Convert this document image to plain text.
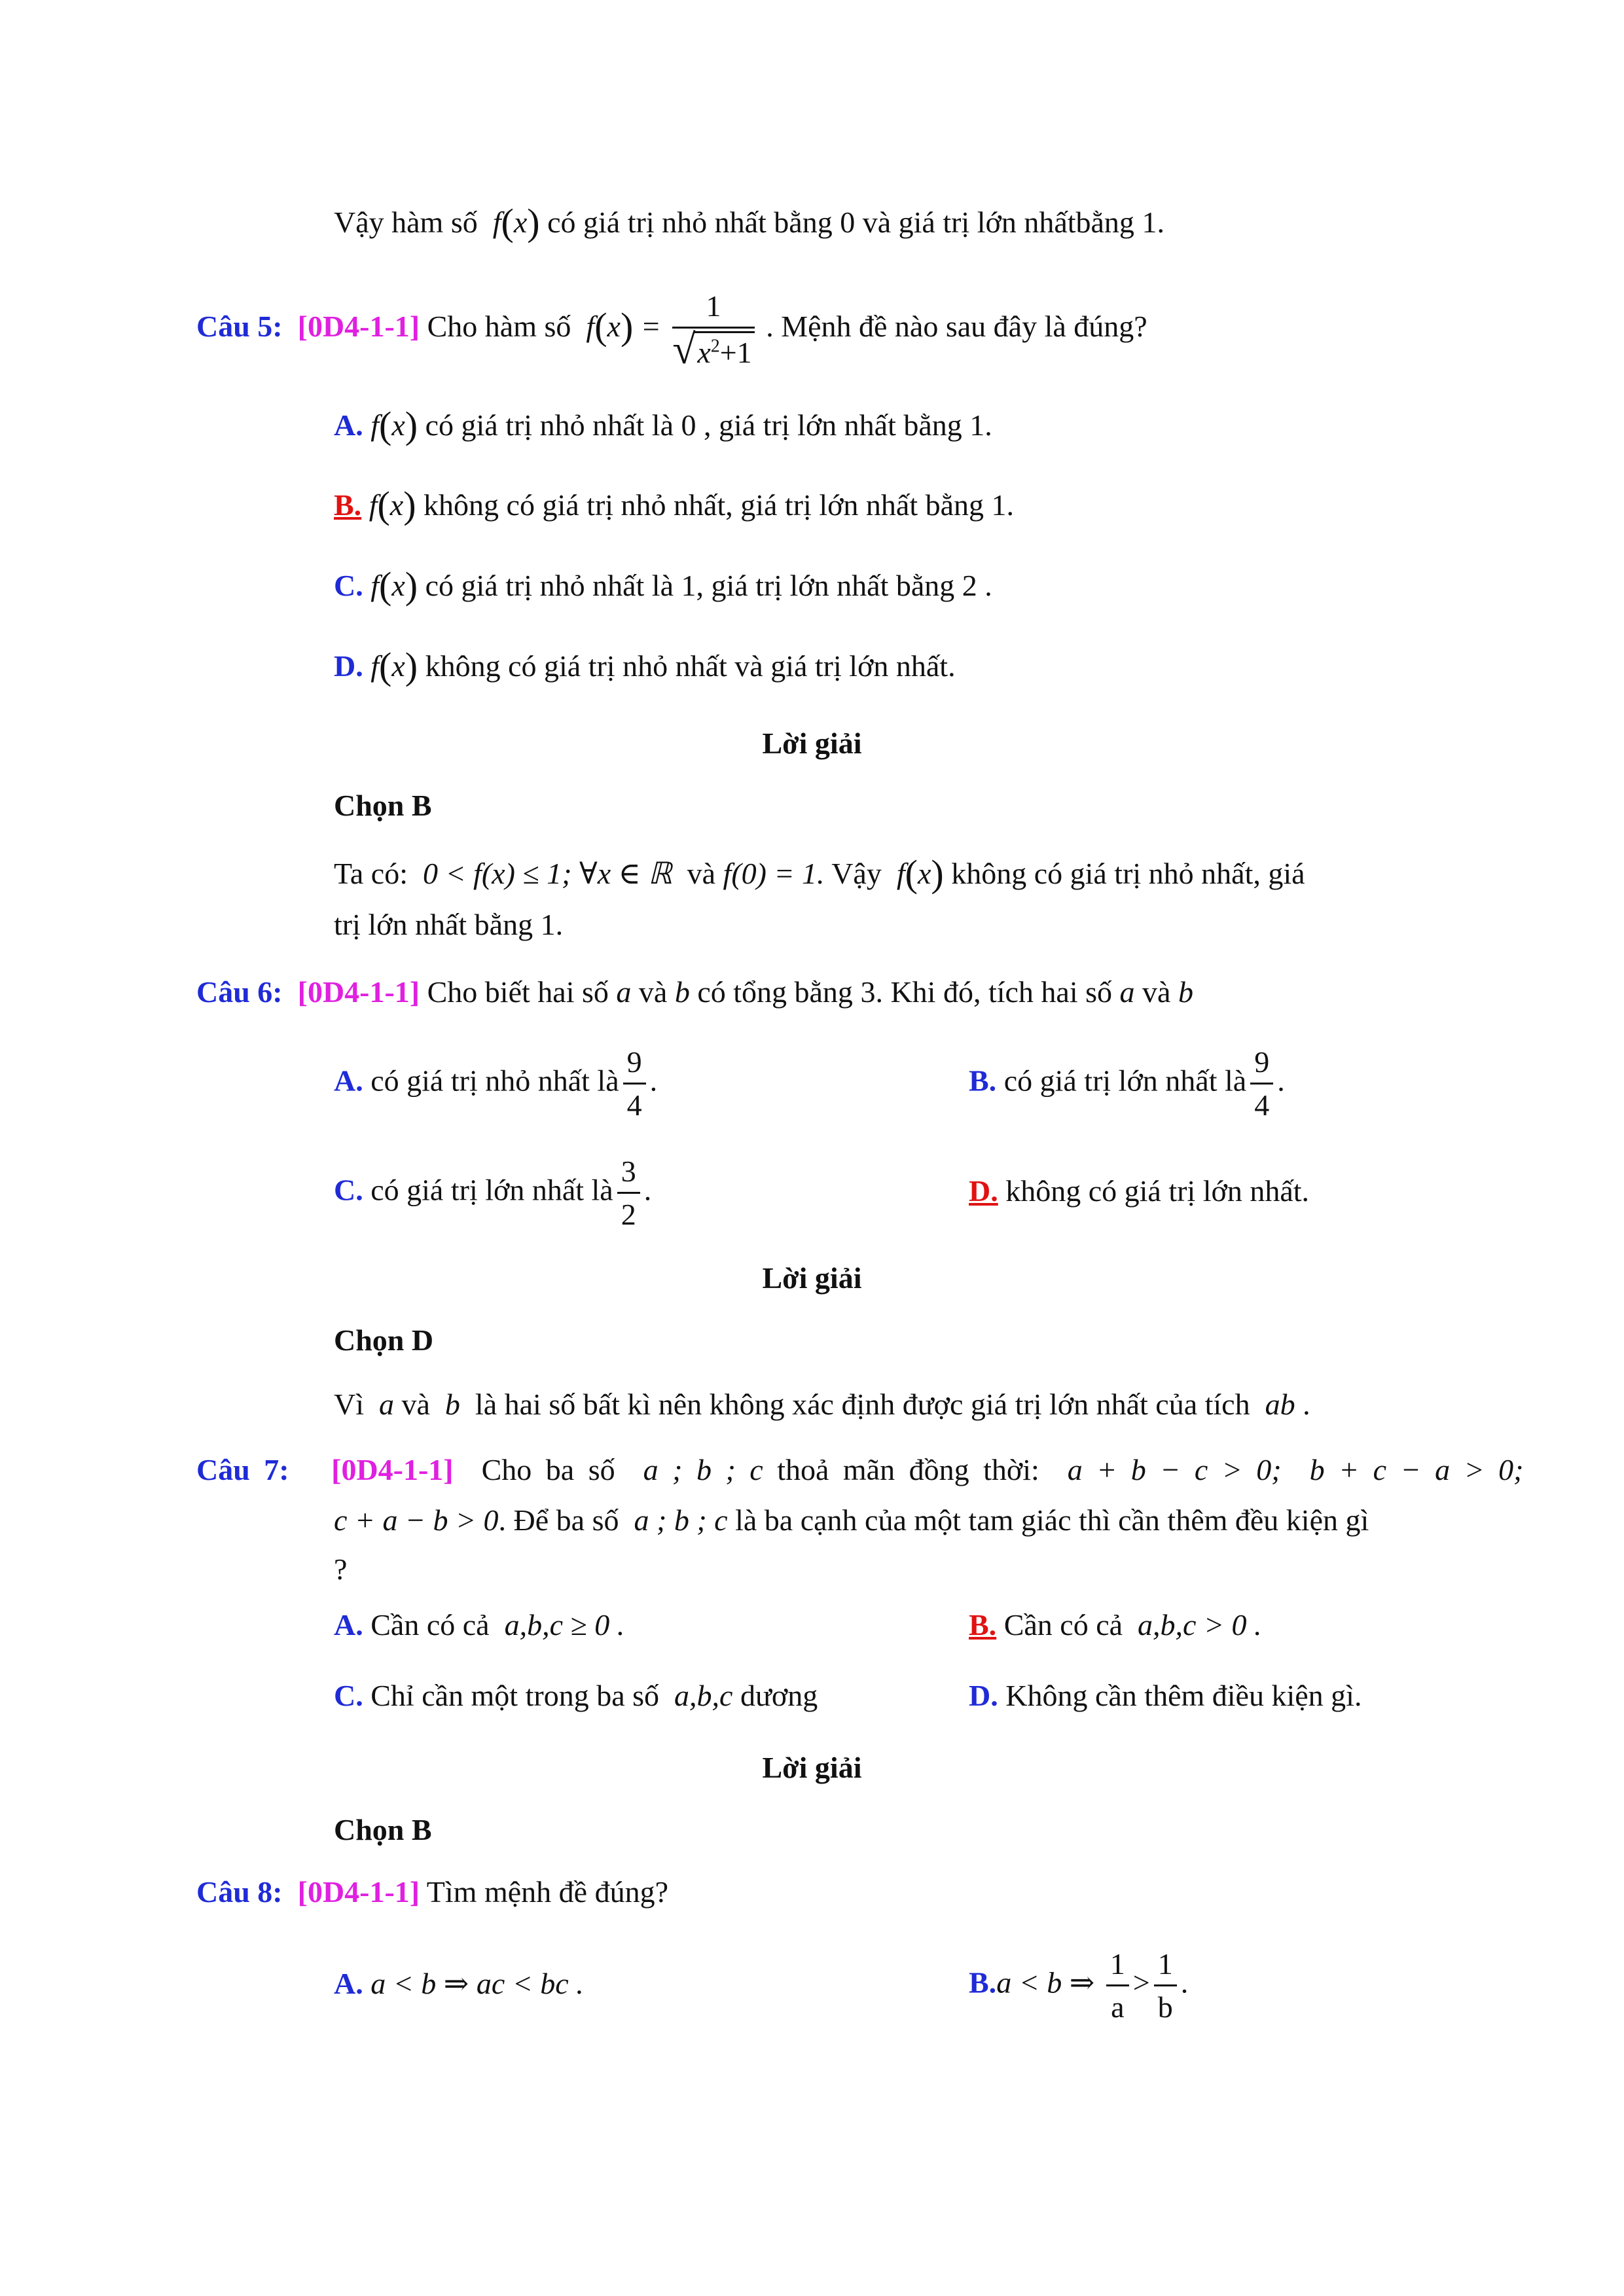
Vậy hàm số f(x) có giá trị nhỏ nhất bằng 0 và giá trị lớn nhấtbằng 1.
Câu 5: [0D4-1-1] Cho hàm số $f(x) = \frac{1}{√ x^2+1}$ . Mệnh đề nào sau đây là đúng?
A. f(x) có giá trị nhỏ nhất là 0 , giá trị lớn nhất bằng 1.
B. f(x) không có giá trị nhỏ nhất, giá trị lớn nhất bằng 1.
C. f(x) có giá trị nhỏ nhất là 1, giá trị lớn nhất bằng 2 .
D. f(x) không có giá trị nhỏ nhất và giá trị lớn nhất.
Lời giải
Chọn B
Ta có: 0 < f(x) ≤ 1; ∀x ∈ ℝ và f(0) = 1. Vậy f(x) không có giá trị nhỏ nhất, giá
trị lớn nhất bằng 1.
Câu 6: [0D4-1-1] Cho biết hai số a và b có tổng bằng 3. Khi đó, tích hai số a và b
A. có giá trị nhỏ nhất là $\frac{9}{4}$ .	B. có giá trị lớn nhất là $\frac{9}{4}$ .
C. có giá trị lớn nhất là $\frac{3}{2}$ .	D. không có giá trị lớn nhất.
Lời giải
Chọn D
Vì a và b là hai số bất kì nên không xác định được giá trị lớn nhất của tích ab .
Câu 7: [0D4-1-1] Cho ba số a ; b ; c thoả mãn đồng thời: a + b − c > 0; b + c − a > 0;
c + a − b > 0. Để ba số a ; b ; c là ba cạnh của một tam giác thì cần thêm đều kiện gì
?
A. Cần có cả a,b,c ≥ 0 .	B. Cần có cả a,b,c > 0 .
C. Chỉ cần một trong ba số a,b,c dương	D. Không cần thêm điều kiện gì.
Lời giải
Chọn B
Câu 8: [0D4-1-1] Tìm mệnh đề đúng?
A. a < b ⇒ ac < bc .	B.a < b ⇒ $\frac{1}{a} > \frac{1}{b}$ .
